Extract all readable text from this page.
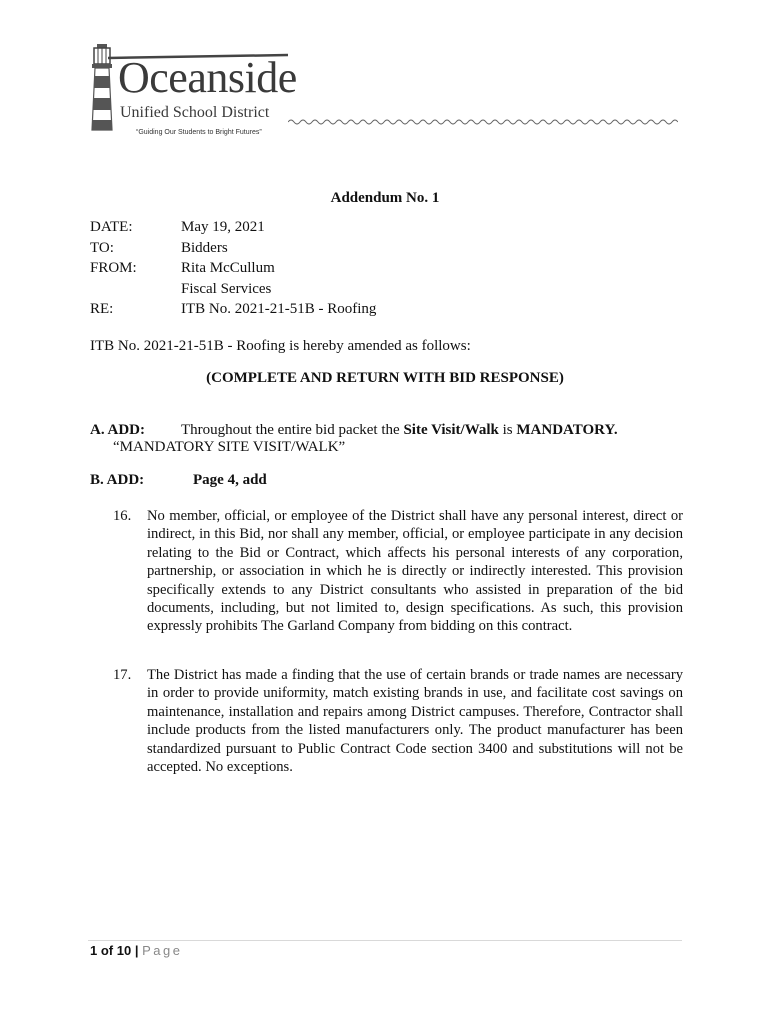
Oceanside
Unified School District
“Guiding Our Students to Bright Futures”
Addendum No. 1
DATE:	May 19, 2021
TO:	Bidders
FROM:	Rita McCullum
Fiscal Services
RE:	ITB No. 2021-21-51B - Roofing
ITB No. 2021-21-51B - Roofing is hereby amended as follows:
(COMPLETE AND RETURN WITH BID RESPONSE)
A. ADD: Throughout the entire bid packet the Site Visit/Walk is MANDATORY.
“MANDATORY SITE VISIT/WALK”
B. ADD:	Page 4, add
16. No member, official, or employee of the District shall have any personal interest, direct or indirect, in this Bid, nor shall any member, official, or employee participate in any decision relating to the Bid or Contract, which affects his personal interests of any corporation, partnership, or association in which he is directly or indirectly interested. This provision specifically extends to any District consultants who assisted in preparation of the bid documents, including, but not limited to, design specifications. As such, this provision expressly prohibits The Garland Company from bidding on this contract.
17. The District has made a finding that the use of certain brands or trade names are necessary in order to provide uniformity, match existing brands in use, and facilitate cost savings on maintenance, installation and repairs among District campuses. Therefore, Contractor shall include products from the listed manufacturers only. The product manufacturer has been standardized pursuant to Public Contract Code section 3400 and substitutions will not be accepted. No exceptions.
1 of 10 | Page
